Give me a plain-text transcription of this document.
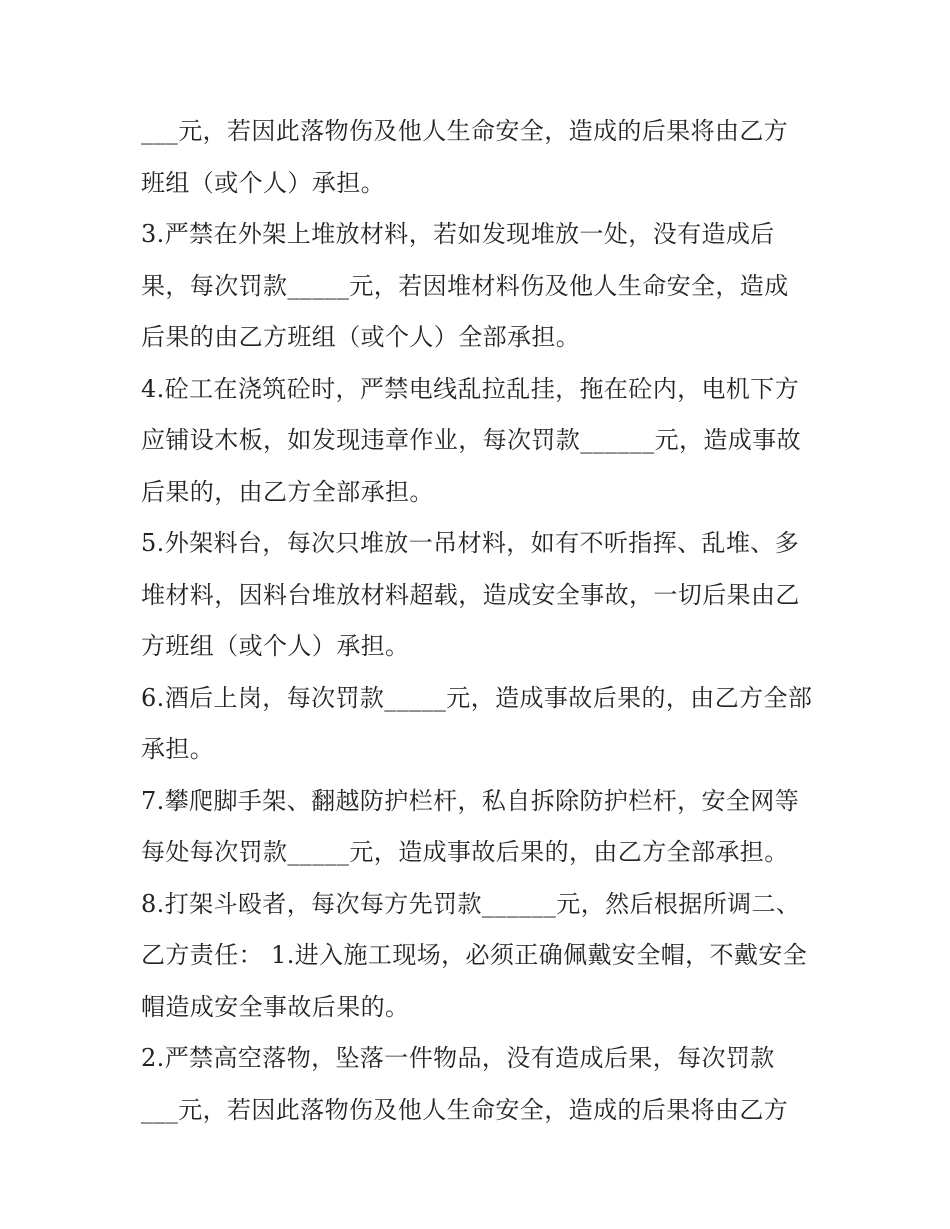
___元，若因此落物伤及他人生命安全，造成的后果将由乙方
班组（或个人）承担。
3.严禁在外架上堆放材料，若如发现堆放一处，没有造成后
果，每次罚款_____元，若因堆材料伤及他人生命安全，造成
后果的由乙方班组（或个人）全部承担。
4.砼工在浇筑砼时，严禁电线乱拉乱挂，拖在砼内，电机下方
应铺设木板，如发现违章作业，每次罚款______元，造成事故
后果的，由乙方全部承担。
5.外架料台，每次只堆放一吊材料，如有不听指挥、乱堆、多
堆材料，因料台堆放材料超载，造成安全事故，一切后果由乙
方班组（或个人）承担。
6.酒后上岗，每次罚款_____元，造成事故后果的，由乙方全部
承担。
7.攀爬脚手架、翻越防护栏杆，私自拆除防护栏杆，安全网等
每处每次罚款_____元，造成事故后果的，由乙方全部承担。
8.打架斗殴者，每次每方先罚款______元，然后根据所调二、
乙方责任： 1.进入施工现场，必须正确佩戴安全帽，不戴安全
帽造成安全事故后果的。
2.严禁高空落物，坠落一件物品，没有造成后果，每次罚款
___元，若因此落物伤及他人生命安全，造成的后果将由乙方
